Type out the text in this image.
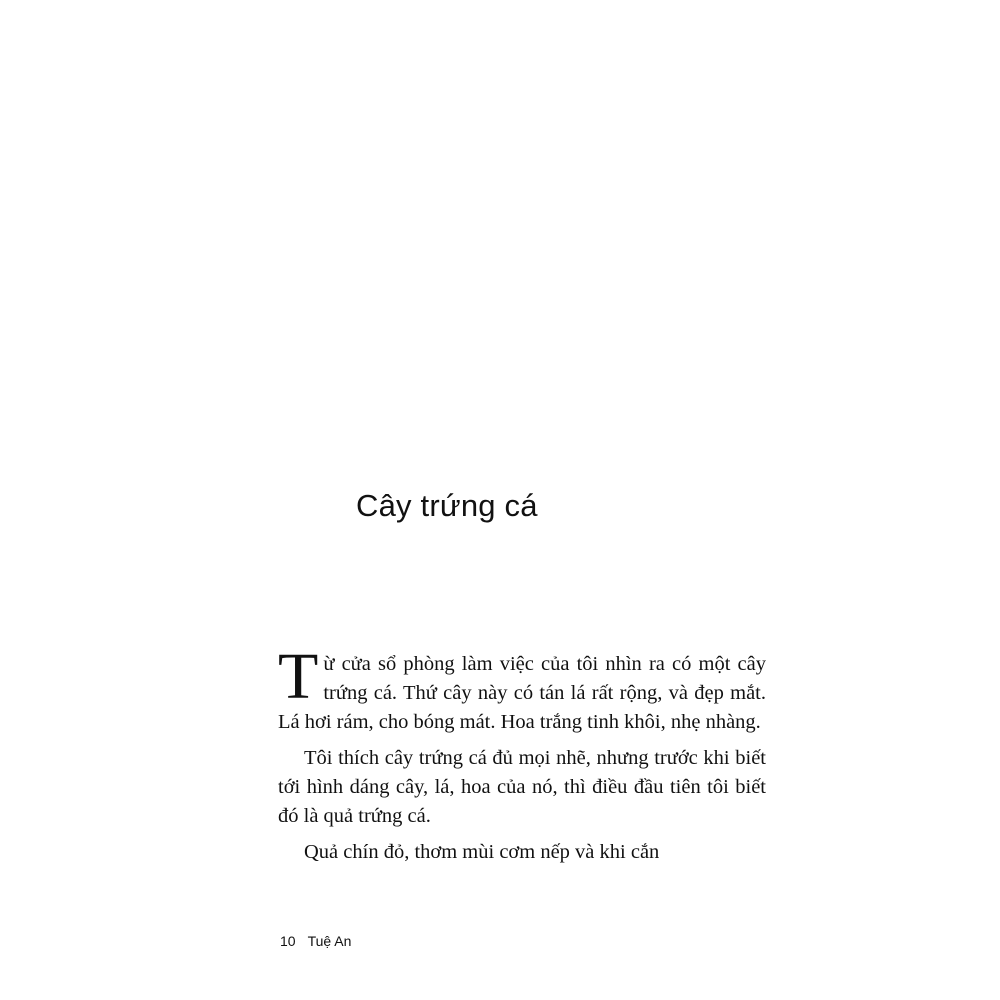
Cây trứng cá

Từ cửa sổ phòng làm việc của tôi nhìn ra có một cây trứng cá. Thứ cây này có tán lá rất rộng, và đẹp mắt. Lá hơi rám, cho bóng mát. Hoa trắng tinh khôi, nhẹ nhàng.

Tôi thích cây trứng cá đủ mọi nhẽ, nhưng trước khi biết tới hình dáng cây, lá, hoa của nó, thì điều đầu tiên tôi biết đó là quả trứng cá.

Quả chín đỏ, thơm mùi cơm nếp và khi cắn

10 Tuệ An
